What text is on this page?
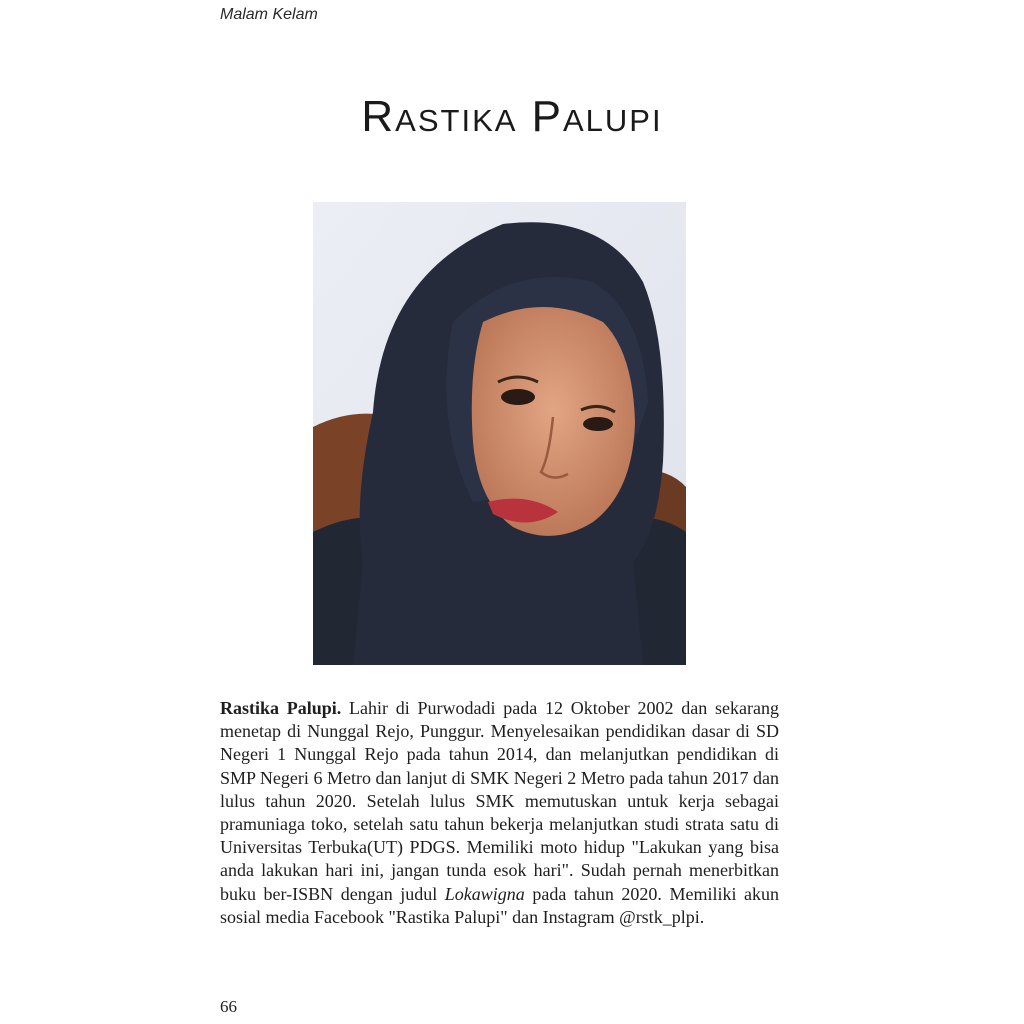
Malam Kelam
Rastika Palupi

Rastika Palupi. Lahir di Purwodadi pada 12 Oktober 2002 dan sekarang menetap di Nunggal Rejo, Punggur. Menyelesaikan pendidikan dasar di SD Negeri 1 Nunggal Rejo pada tahun 2014, dan melanjutkan pendidikan di SMP Negeri 6 Metro dan lanjut di SMK Negeri 2 Metro pada tahun 2017 dan lulus tahun 2020. Setelah lulus SMK memutuskan untuk kerja sebagai pramuniaga toko, setelah satu tahun bekerja melanjutkan studi strata satu di Universitas Terbuka(UT) PDGS. Memiliki moto hidup "Lakukan yang bisa anda lakukan hari ini, jangan tunda esok hari". Sudah pernah menerbitkan buku ber-ISBN dengan judul Lokawigna pada tahun 2020. Memiliki akun sosial media Facebook "Rastika Palupi" dan Instagram @rstk_plpi.

66
